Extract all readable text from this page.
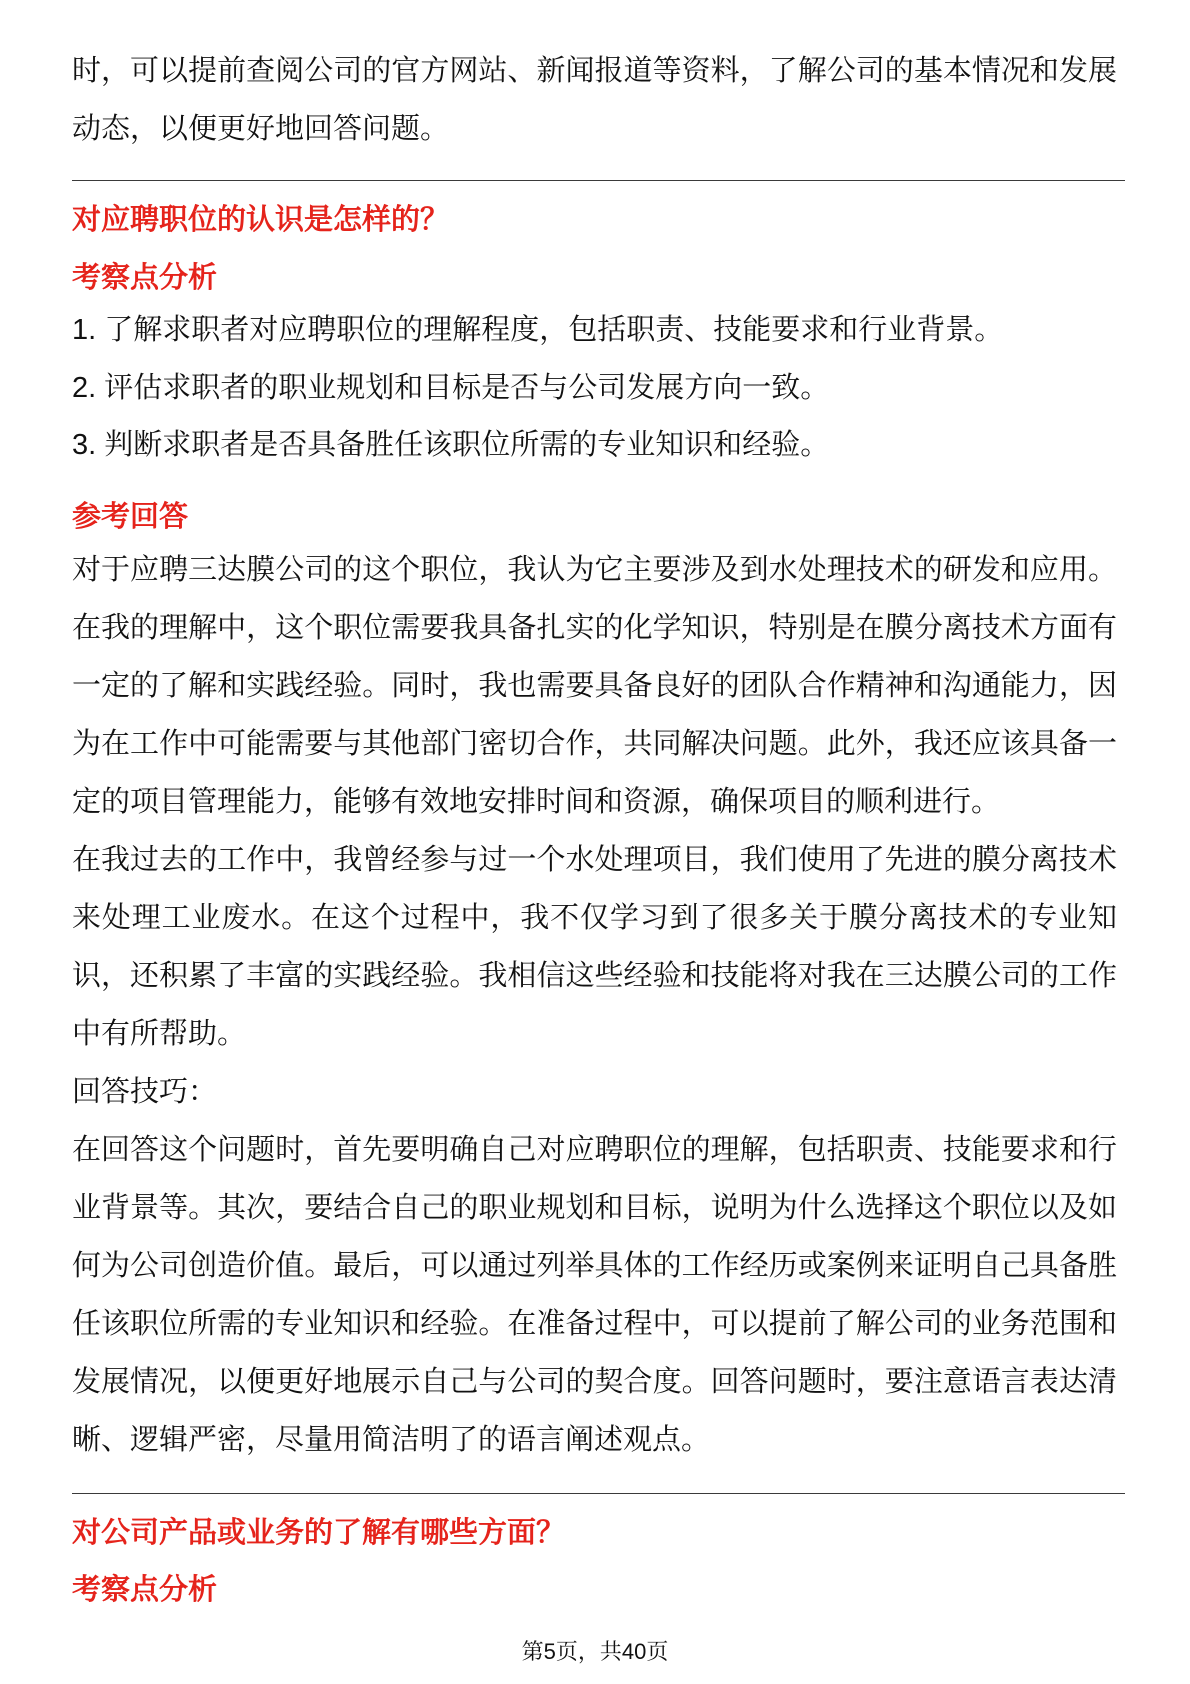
时，可以提前查阅公司的官方网站、新闻报道等资料，了解公司的基本情况和发展
动态，以便更好地回答问题。
对应聘职位的认识是怎样的？
考察点分析
1. 了解求职者对应聘职位的理解程度，包括职责、技能要求和行业背景。
2. 评估求职者的职业规划和目标是否与公司发展方向一致。
3. 判断求职者是否具备胜任该职位所需的专业知识和经验。
参考回答
对于应聘三达膜公司的这个职位，我认为它主要涉及到水处理技术的研发和应用。
在我的理解中，这个职位需要我具备扎实的化学知识，特别是在膜分离技术方面有
一定的了解和实践经验。同时，我也需要具备良好的团队合作精神和沟通能力，因
为在工作中可能需要与其他部门密切合作，共同解决问题。此外，我还应该具备一
定的项目管理能力，能够有效地安排时间和资源，确保项目的顺利进行。
在我过去的工作中，我曾经参与过一个水处理项目，我们使用了先进的膜分离技术
来处理工业废水。在这个过程中，我不仅学习到了很多关于膜分离技术的专业知
识，还积累了丰富的实践经验。我相信这些经验和技能将对我在三达膜公司的工作
中有所帮助。
回答技巧：
在回答这个问题时，首先要明确自己对应聘职位的理解，包括职责、技能要求和行
业背景等。其次，要结合自己的职业规划和目标，说明为什么选择这个职位以及如
何为公司创造价值。最后，可以通过列举具体的工作经历或案例来证明自己具备胜
任该职位所需的专业知识和经验。在准备过程中，可以提前了解公司的业务范围和
发展情况，以便更好地展示自己与公司的契合度。回答问题时，要注意语言表达清
晰、逻辑严密，尽量用简洁明了的语言阐述观点。
对公司产品或业务的了解有哪些方面？
考察点分析
第5页，共40页
